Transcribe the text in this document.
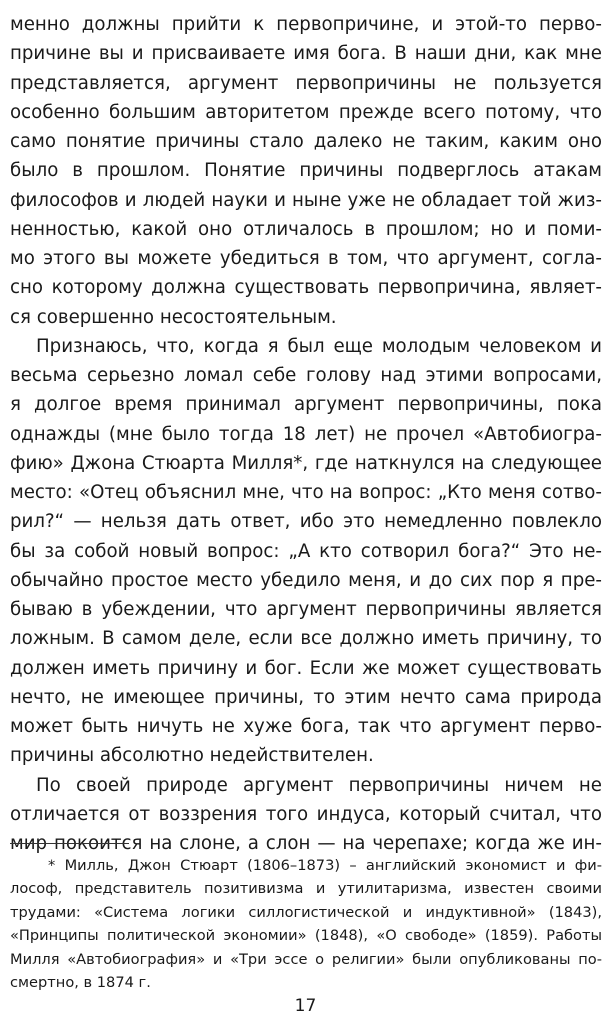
менно должны прийти к первопричине, и этой-то перво-
причине вы и присваиваете имя бога. В наши дни, как мне
представляется, аргумент первопричины не пользуется
особенно большим авторитетом прежде всего потому, что
само понятие причины стало далеко не таким, каким оно
было в прошлом. Понятие причины подверглось атакам
философов и людей науки и ныне уже не обладает той жиз-
ненностью, какой оно отличалось в прошлом; но и поми-
мо этого вы можете убедиться в том, что аргумент, согла-
сно которому должна существовать первопричина, являет-
ся совершенно несостоятельным.
Признаюсь, что, когда я был еще молодым человеком и
весьма серьезно ломал себе голову над этими вопросами,
я долгое время принимал аргумент первопричины, пока
однажды (мне было тогда 18 лет) не прочел «Автобиогра-
фию» Джона Стюарта Милля*, где наткнулся на следующее
место: «Отец объяснил мне, что на вопрос: „Кто меня сотво-
рил?“ — нельзя дать ответ, ибо это немедленно повлекло
бы за собой новый вопрос: „А кто сотворил бога?“ Это не-
обычайно простое место убедило меня, и до сих пор я пре-
бываю в убеждении, что аргумент первопричины является
ложным. В самом деле, если все должно иметь причину, то
должен иметь причину и бог. Если же может существовать
нечто, не имеющее причины, то этим нечто сама природа
может быть ничуть не хуже бога, так что аргумент перво-
причины абсолютно недействителен.
По своей природе аргумент первопричины ничем не
отличается от воззрения того индуса, который считал, что
мир покоится на слоне, а слон — на черепахе; когда же ин-
* Милль, Джон Стюарт (1806–1873) – английский экономист и фи-
лософ, представитель позитивизма и утилитаризма, известен своими
трудами: «Система логики силлогистической и индуктивной» (1843),
«Принципы политической экономии» (1848), «О свободе» (1859). Работы
Милля «Автобиография» и «Три эссе о религии» были опубликованы по-
смертно, в 1874 г.
17
